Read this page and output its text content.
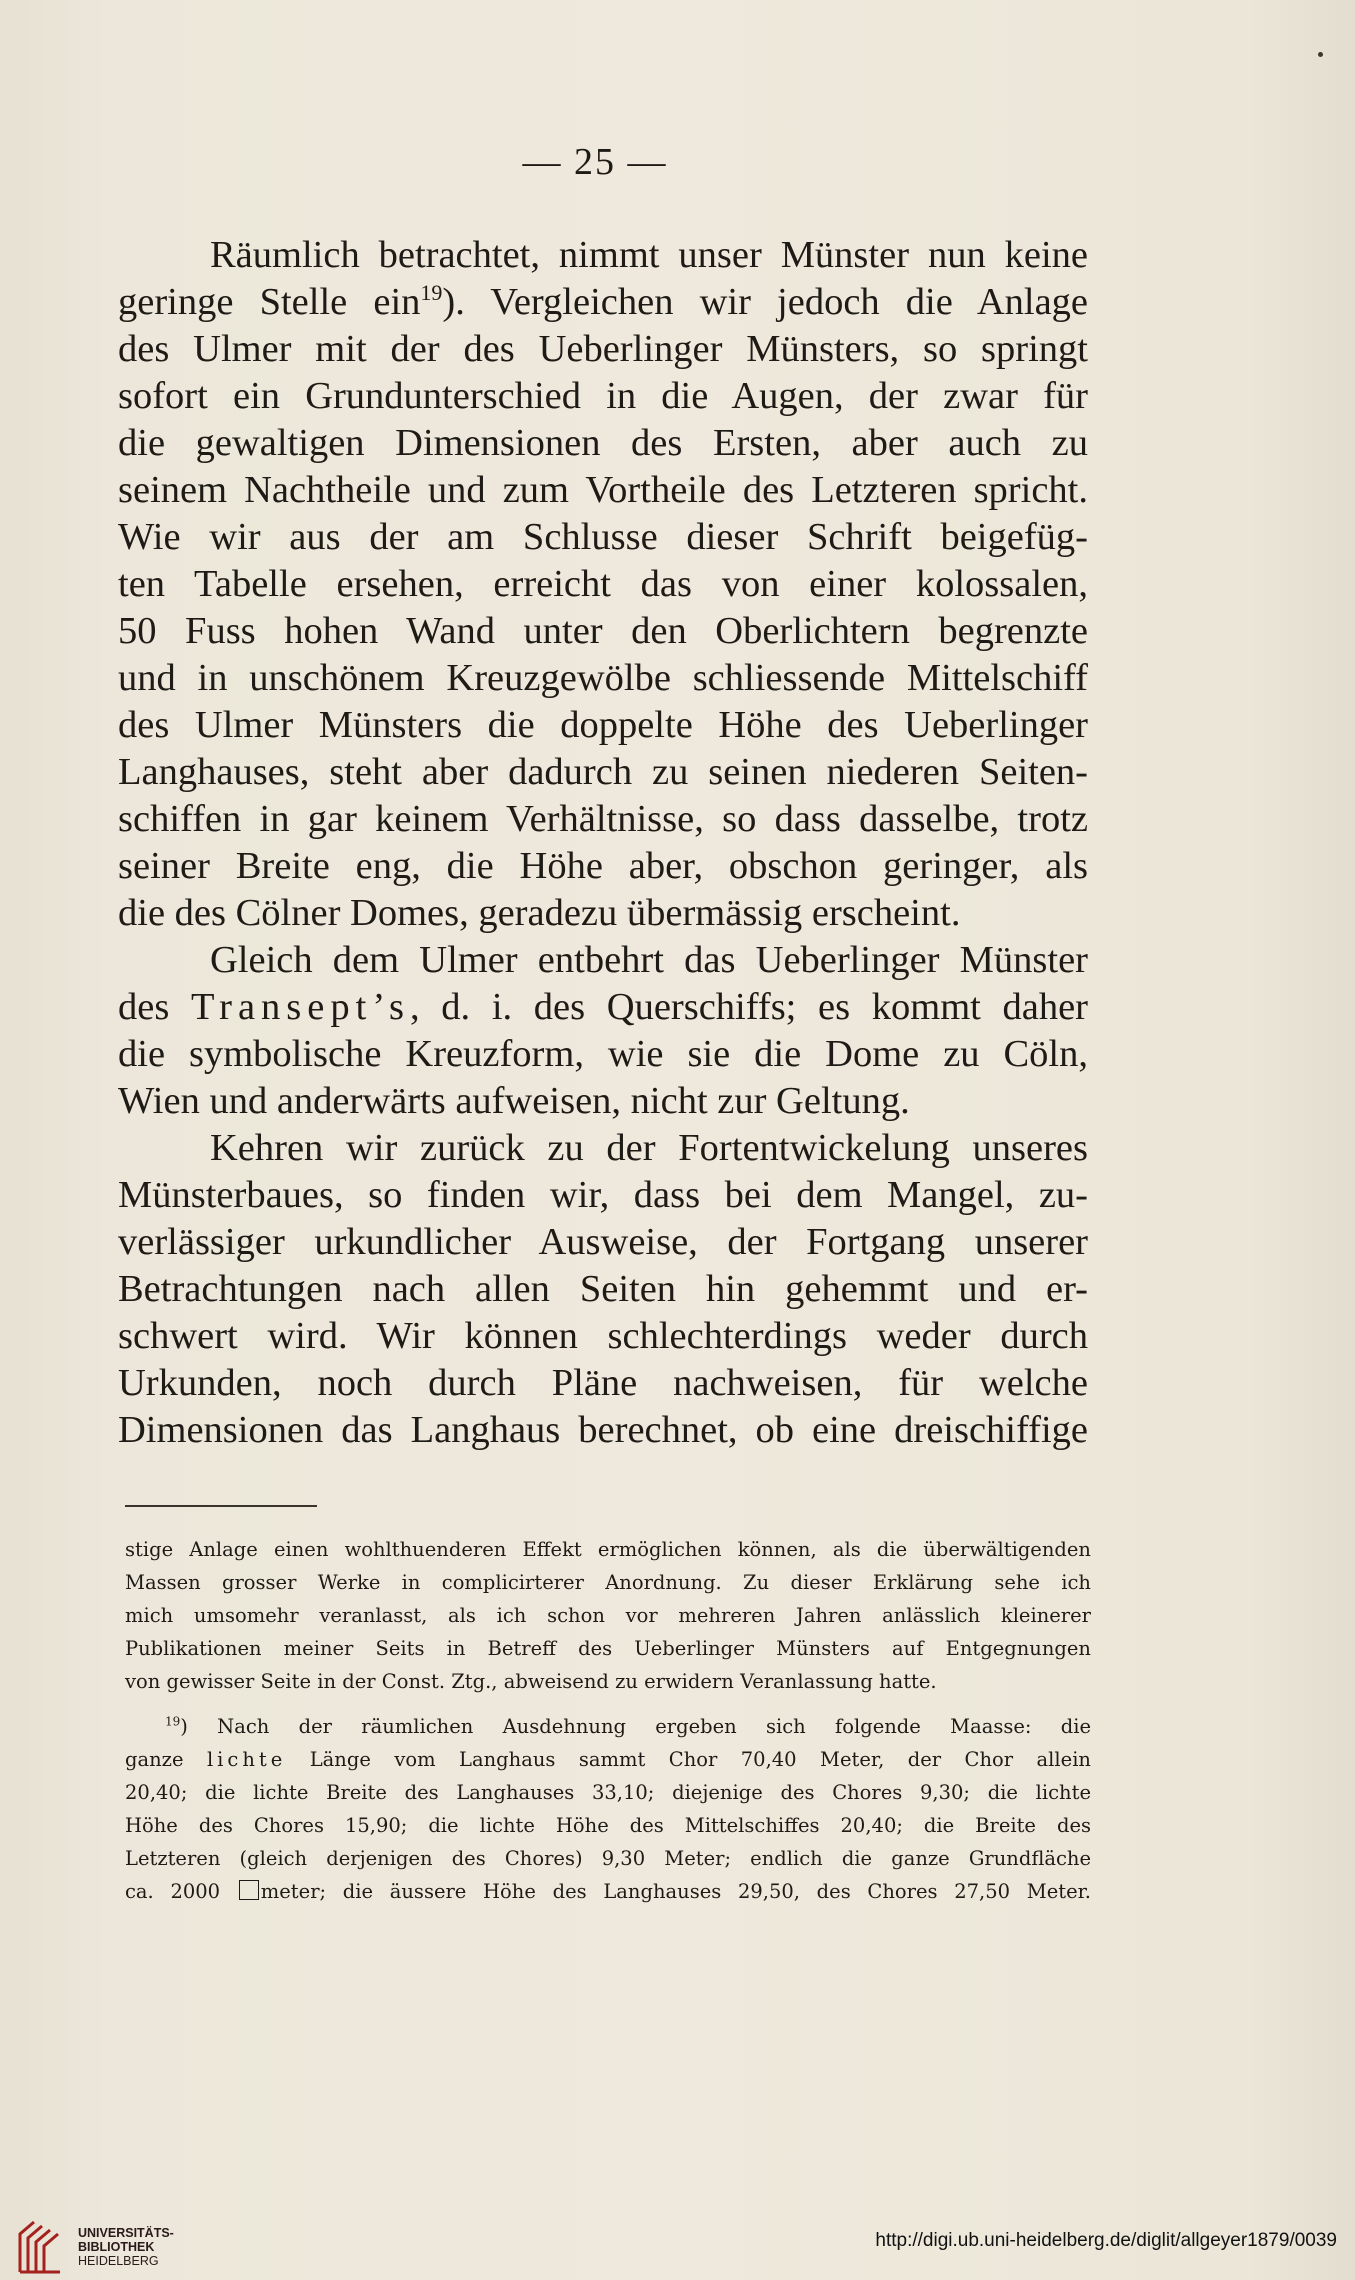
— 25 —
Räumlich betrachtet, nimmt unser Münster nun keine
geringe Stelle ein$^{19}$). Vergleichen wir jedoch die Anlage
des Ulmer mit der des Ueberlinger Münsters, so springt
sofort ein Grundunterschied in die Augen, der zwar für
die gewaltigen Dimensionen des Ersten, aber auch zu
seinem Nachtheile und zum Vortheile des Letzteren spricht.
Wie wir aus der am Schlusse dieser Schrift beigefüg-
ten Tabelle ersehen, erreicht das von einer kolossalen,
50 Fuss hohen Wand unter den Oberlichtern begrenzte
und in unschönem Kreuzgewölbe schliessende Mittelschiff
des Ulmer Münsters die doppelte Höhe des Ueberlinger
Langhauses, steht aber dadurch zu seinen niederen Seiten-
schiffen in gar keinem Verhältnisse, so dass dasselbe, trotz
seiner Breite eng, die Höhe aber, obschon geringer, als
die des Cölner Domes, geradezu übermässig erscheint.
Gleich dem Ulmer entbehrt das Ueberlinger Münster
des Transept’s, d. i. des Querschiffs; es kommt daher
die symbolische Kreuzform, wie sie die Dome zu Cöln,
Wien und anderwärts aufweisen, nicht zur Geltung.
Kehren wir zurück zu der Fortentwickelung unseres
Münsterbaues, so finden wir, dass bei dem Mangel, zu-
verlässiger urkundlicher Ausweise, der Fortgang unserer
Betrachtungen nach allen Seiten hin gehemmt und er-
schwert wird. Wir können schlechterdings weder durch
Urkunden, noch durch Pläne nachweisen, für welche
Dimensionen das Langhaus berechnet, ob eine dreischiffige
stige Anlage einen wohlthuenderen Effekt ermöglichen können, als die überwältigenden
Massen grosser Werke in complicirterer Anordnung. Zu dieser Erklärung sehe ich
mich umsomehr veranlasst, als ich schon vor mehreren Jahren anlässlich kleinerer
Publikationen meiner Seits in Betreff des Ueberlinger Münsters auf Entgegnungen
von gewisser Seite in der Const. Ztg., abweisend zu erwidern Veranlassung hatte.
$^{19}$) Nach der räumlichen Ausdehnung ergeben sich folgende Maasse: die
ganze lichte Länge vom Langhaus sammt Chor 70,40 Meter, der Chor allein
20,40; die lichte Breite des Langhauses 33,10; diejenige des Chores 9,30; die lichte
Höhe des Chores 15,90; die lichte Höhe des Mittelschiffes 20,40; die Breite des
Letzteren (gleich derjenigen des Chores) 9,30 Meter; endlich die ganze Grundfläche
ca. 2000 meter; die äussere Höhe des Langhauses 29,50, des Chores 27,50 Meter.
UNIVERSITÄTS-
BIBLIOTHEK
HEIDELBERG
http://digi.ub.uni-heidelberg.de/diglit/allgeyer1879/0039
